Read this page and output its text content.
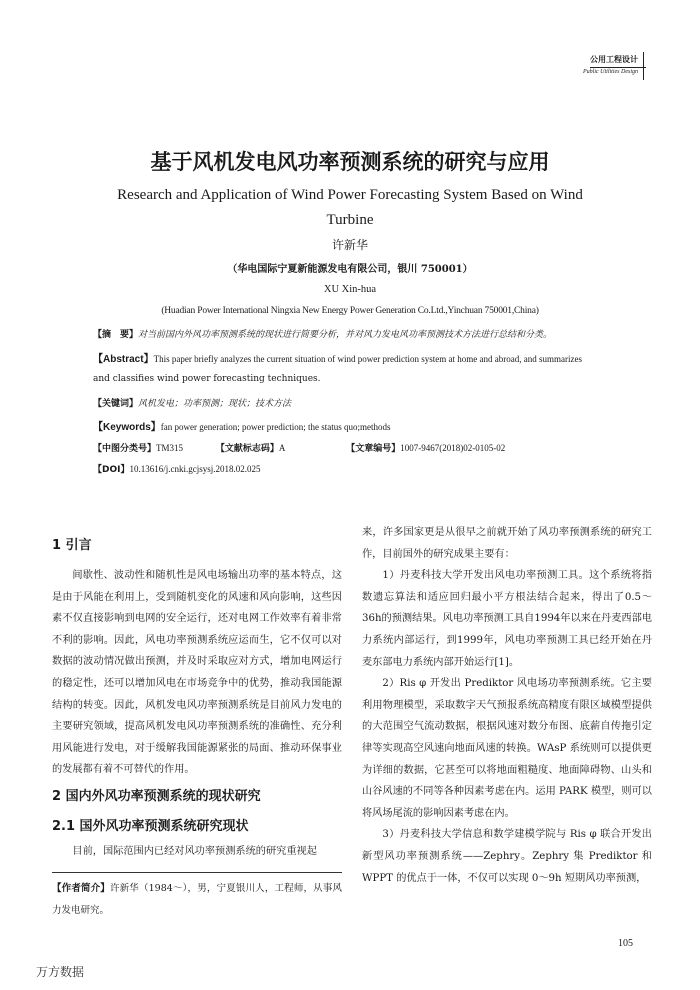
公用工程设计
Public Utilities Design
基于风机发电风功率预测系统的研究与应用
Research and Application of Wind Power Forecasting System Based on Wind Turbine
许新华
（华电国际宁夏新能源发电有限公司，银川 750001）
XU Xin-hua
(Huadian Power International Ningxia New Energy Power Generation Co.Ltd.,Yinchuan 750001,China)
【摘　要】对当前国内外风功率预测系统的现状进行简要分析，并对风力发电风功率预测技术方法进行总结和分类。
【Abstract】This paper briefly analyzes the current situation of wind power prediction system at home and abroad, and summarizes
and classifies wind power forecasting techniques.
【关键词】风机发电；功率预测；现状；技术方法
【Keywords】fan power generation; power prediction; the status quo;methods
【中图分类号】TM315	【文献标志码】A	【文章编号】1007-9467(2018)02-0105-02
【DOI】10.13616/j.cnki.gcjsysj.2018.02.025
1 引言

间歇性、波动性和随机性是风电场输出功率的基本特点，这是由于风能在利用上，受到随机变化的风速和风向影响，这些因素不仅直接影响到电网的安全运行，还对电网工作效率有着非常不利的影响。因此，风电功率预测系统应运而生，它不仅可以对数据的波动情况做出预测，并及时采取应对方式，增加电网运行的稳定性，还可以增加风电在市场竞争中的优势，推动我国能源结构的转变。因此，风机发电风功率预测系统是目前风力发电的主要研究领域，提高风机发电风功率预测系统的准确性、充分利用风能进行发电，对于缓解我国能源紧张的局面、推动环保事业的发展都有着不可替代的作用。

2 国内外风功率预测系统的现状研究
2.1 国外风功率预测系统研究现状

目前，国际范围内已经对风功率预测系统的研究重视起

【作者简介】许新华（1984～），男，宁夏银川人，工程师，从事风力发电研究。

来，许多国家更是从很早之前就开始了风功率预测系统的研究工作，目前国外的研究成果主要有：

1）丹麦科技大学开发出风电功率预测工具。这个系统将指数遗忘算法和适应回归最小平方根法结合起来，得出了0.5～36h的预测结果。风电功率预测工具自1994年以来在丹麦西部电力系统内部运行，到1999年，风电功率预测工具已经开始在丹麦东部电力系统内部开始运行[1]。

2）Ris φ 开发出 Prediktor 风电场功率预测系统。它主要利用物理模型，采取数字天气预报系统高精度有限区域模型提供的大范围空气流动数据，根据风速对数分布图、底薪自传拖引定律等实现高空风速向地面风速的转换。WAsP 系统则可以提供更为详细的数据，它甚至可以将地面粗糙度、地面障碍物、山头和山谷风速的不同等各种因素考虑在内。运用 PARK 模型，则可以将风场尾流的影响因素考虑在内。

3）丹麦科技大学信息和数学建模学院与 Ris φ 联合开发出新型风功率预测系统——Zephry。Zephry 集 Prediktor 和 WPPT 的优点于一体，不仅可以实现 0～9h 短期风功率预测，

105
万方数据
